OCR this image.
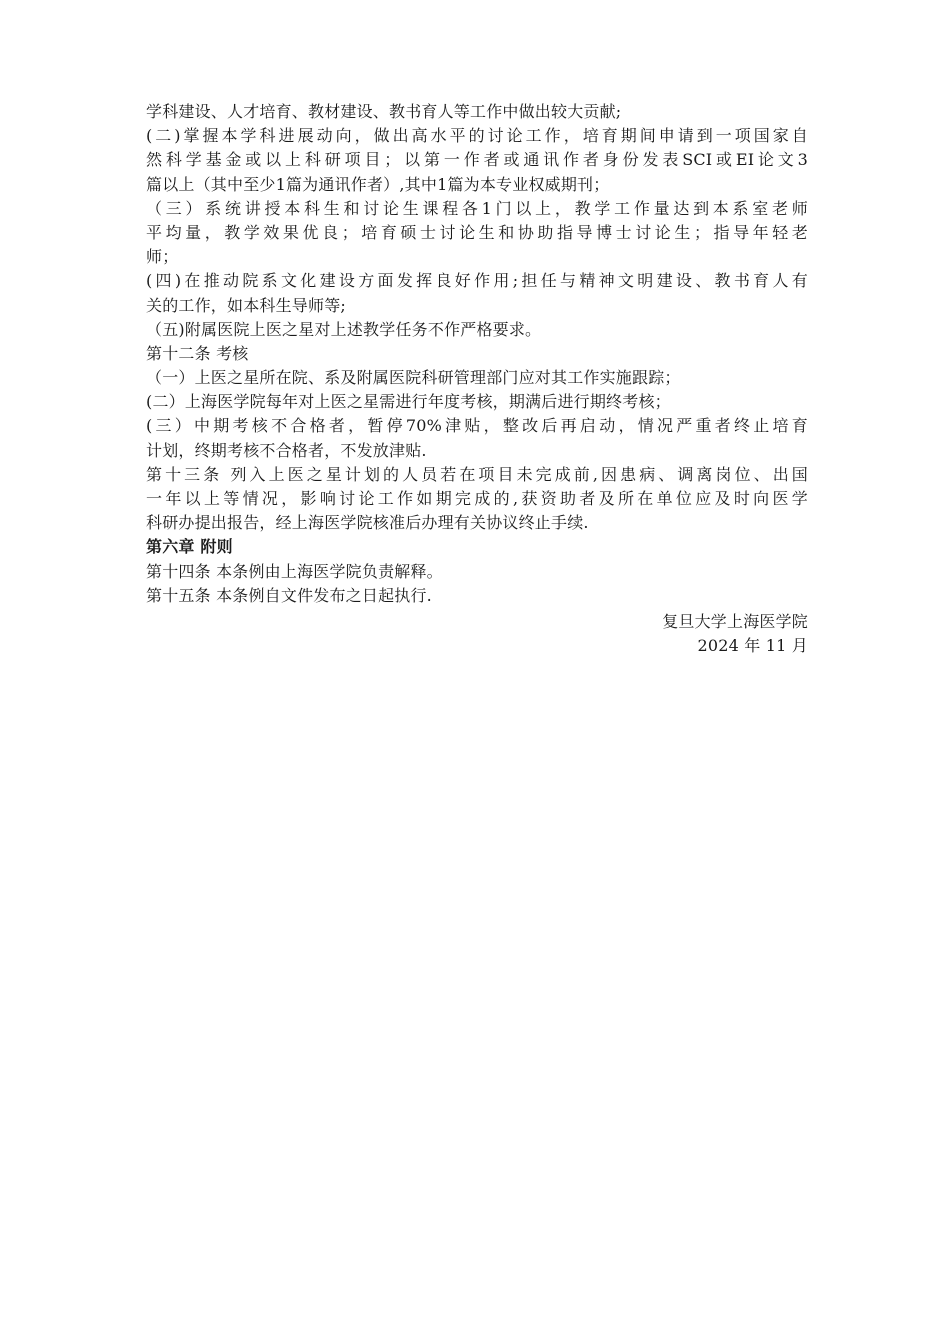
学科建设、人才培育、教材建设、教书育人等工作中做出较大贡献;
(二)掌握本学科进展动向，做出高水平的讨论工作，培育期间申请到一项国家自
然科学基金或以上科研项目；以第一作者或通讯作者身份发表SCI或EI论文3
篇以上（其中至少1篇为通讯作者）,其中1篇为本专业权威期刊；
（三）系统讲授本科生和讨论生课程各1门以上，教学工作量达到本系室老师
平均量，教学效果优良；培育硕士讨论生和协助指导博士讨论生；指导年轻老
师；
(四)在推动院系文化建设方面发挥良好作用;担任与精神文明建设、教书育人有
关的工作，如本科生导师等;
（五)附属医院上医之星对上述教学任务不作严格要求。
第十二条 考核
（一）上医之星所在院、系及附属医院科研管理部门应对其工作实施跟踪；
(二）上海医学院每年对上医之星需进行年度考核，期满后进行期终考核；
(三）中期考核不合格者，暂停70%津贴，整改后再启动，情况严重者终止培育
计划，终期考核不合格者，不发放津贴.
第十三条 列入上医之星计划的人员若在项目未完成前,因患病、调离岗位、出国
一年以上等情况，影响讨论工作如期完成的,获资助者及所在单位应及时向医学
科研办提出报告，经上海医学院核准后办理有关协议终止手续.
第六章 附则
第十四条 本条例由上海医学院负责解释。
第十五条 本条例自文件发布之日起执行.
复旦大学上海医学院
2024 年 11 月
